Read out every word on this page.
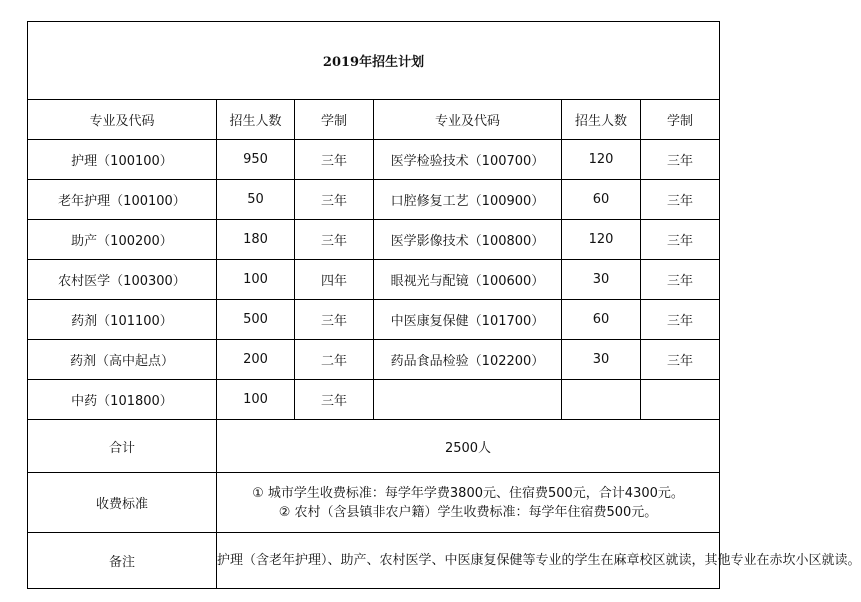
2019年招生计划					
专业及代码	招生人数	学制	专业及代码	招生人数	学制
护理（100100）	950	三年	医学检验技术（100700）	120	三年
老年护理（100100）	50	三年	口腔修复工艺（100900）	60	三年
助产（100200）	180	三年	医学影像技术（100800）	120	三年
农村医学（100300）	100	四年	眼视光与配镜（100600）	30	三年
药剂（101100）	500	三年	中医康复保健（101700）	60	三年
药剂（高中起点）	200	二年	药品食品检验（102200）	30	三年
中药（101800）	100	三年			
合计	2500人				
收费标准	① 城市学生收费标准：每学年学费3800元、住宿费500元，合计4300元。
② 农村（含县镇非农户籍）学生收费标准：每学年住宿费500元。				

备注	护理（含老年护理）、助产、农村医学、中医康复保健等专业的学生在麻章校区就读，其他专业在赤坎小区就读。				
